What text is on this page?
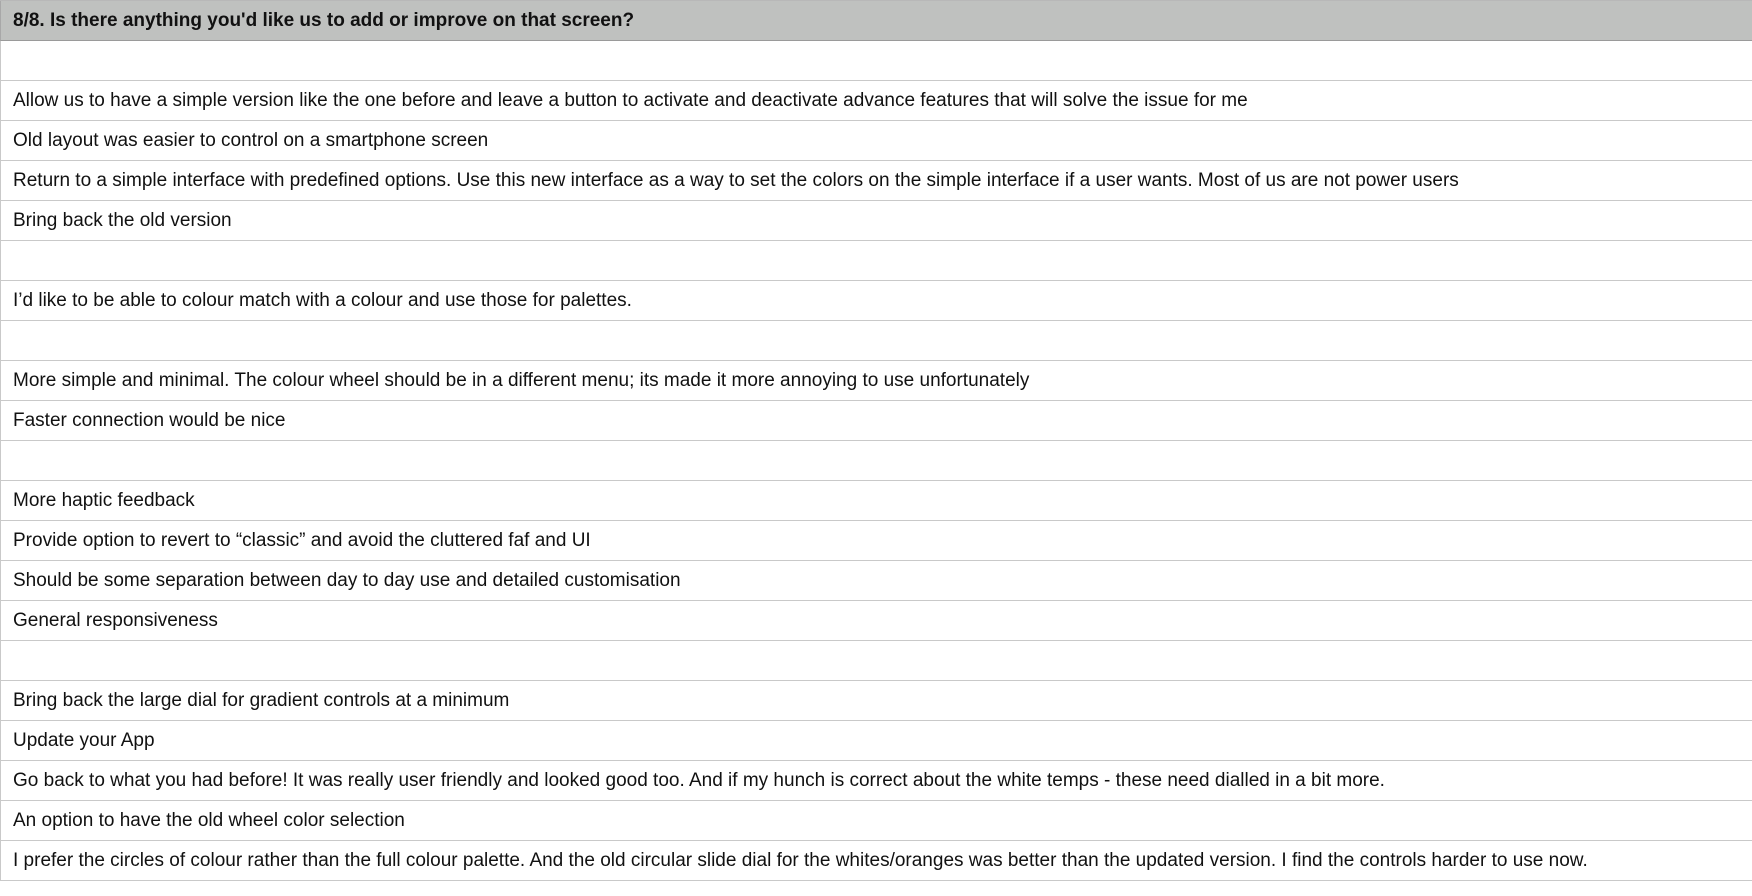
8/8. Is there anything you'd like us to add or improve on that screen?
Allow us to have a simple version like the one before and leave a button to activate and deactivate advance features that will solve the issue for me
Old layout was easier to control on a smartphone screen
Return to a simple interface with predefined options. Use this new interface as a way to set the colors on the simple interface if a user wants. Most of us are not power users
Bring back the old version
I’d like to be able to colour match with a colour and use those for palettes.
More simple and minimal. The colour wheel should be in a different menu; its made it more annoying to use unfortunately
Faster connection would be nice
More haptic feedback
Provide option to revert to “classic” and avoid the cluttered faf and UI
Should be some separation between day to day use and detailed customisation
General responsiveness
Bring back the large dial for gradient controls at a minimum
Update your App
Go back to what you had before! It was really user friendly and looked good too. And if my hunch is correct about the white temps - these need dialled in a bit more.
An option to have the old wheel color selection
I prefer the circles of colour rather than the full colour palette. And the old circular slide dial for the whites/oranges was better than the updated version. I find the controls harder to use now.
